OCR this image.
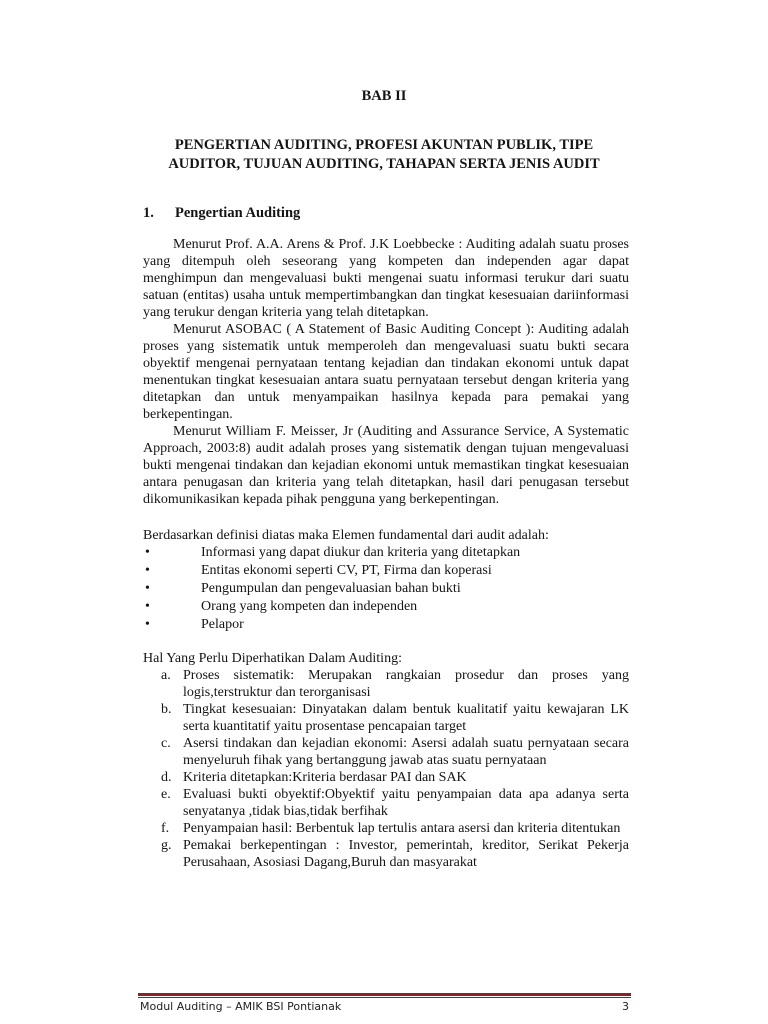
BAB II
PENGERTIAN AUDITING, PROFESI AKUNTAN PUBLIK, TIPE AUDITOR, TUJUAN AUDITING, TAHAPAN SERTA JENIS AUDIT
1. Pengertian Auditing

Menurut Prof. A.A. Arens & Prof. J.K Loebbecke : Auditing adalah suatu proses yang ditempuh oleh seseorang yang kompeten dan independen agar dapat menghimpun dan mengevaluasi bukti mengenai suatu informasi terukur dari suatu satuan (entitas) usaha untuk mempertimbangkan dan tingkat kesesuaian dariinformasi yang terukur dengan kriteria yang telah ditetapkan.

Menurut ASOBAC ( A Statement of Basic Auditing Concept ): Auditing adalah proses yang sistematik untuk memperoleh dan mengevaluasi suatu bukti secara obyektif mengenai pernyataan tentang kejadian dan tindakan ekonomi untuk dapat menentukan tingkat kesesuaian antara suatu pernyataan tersebut dengan kriteria yang ditetapkan dan untuk menyampaikan hasilnya kepada para pemakai yang berkepentingan.

Menurut William F. Meisser, Jr (Auditing and Assurance Service, A Systematic Approach, 2003:8) audit adalah proses yang sistematik dengan tujuan mengevaluasi bukti mengenai tindakan dan kejadian ekonomi untuk memastikan tingkat kesesuaian antara penugasan dan kriteria yang telah ditetapkan, hasil dari penugasan tersebut dikomunikasikan kepada pihak pengguna yang berkepentingan.

Berdasarkan definisi diatas maka Elemen fundamental dari audit adalah:
•	Informasi yang dapat diukur dan kriteria yang ditetapkan
•	Entitas ekonomi seperti CV, PT, Firma dan koperasi
•	Pengumpulan dan pengevaluasian bahan bukti
•	Orang yang kompeten dan independen
•	Pelapor
Hal Yang Perlu Diperhatikan Dalam Auditing:
a. Proses sistematik: Merupakan rangkaian prosedur dan proses yang logis,terstruktur dan terorganisasi
b. Tingkat kesesuaian: Dinyatakan dalam bentuk kualitatif yaitu kewajaran LK serta kuantitatif yaitu prosentase pencapaian target
c. Asersi tindakan dan kejadian ekonomi: Asersi adalah suatu pernyataan secara menyeluruh fihak yang bertanggung jawab atas suatu pernyataan
d. Kriteria ditetapkan:Kriteria berdasar PAI dan SAK
e. Evaluasi bukti obyektif:Obyektif yaitu penyampaian data apa adanya serta senyatanya ,tidak bias,tidak berfihak
f. Penyampaian hasil: Berbentuk lap tertulis antara asersi dan kriteria ditentukan
g. Pemakai berkepentingan : Investor, pemerintah, kreditor, Serikat Pekerja Perusahaan, Asosiasi Dagang,Buruh dan masyarakat
Modul Auditing – AMIK BSI Pontianak	3
